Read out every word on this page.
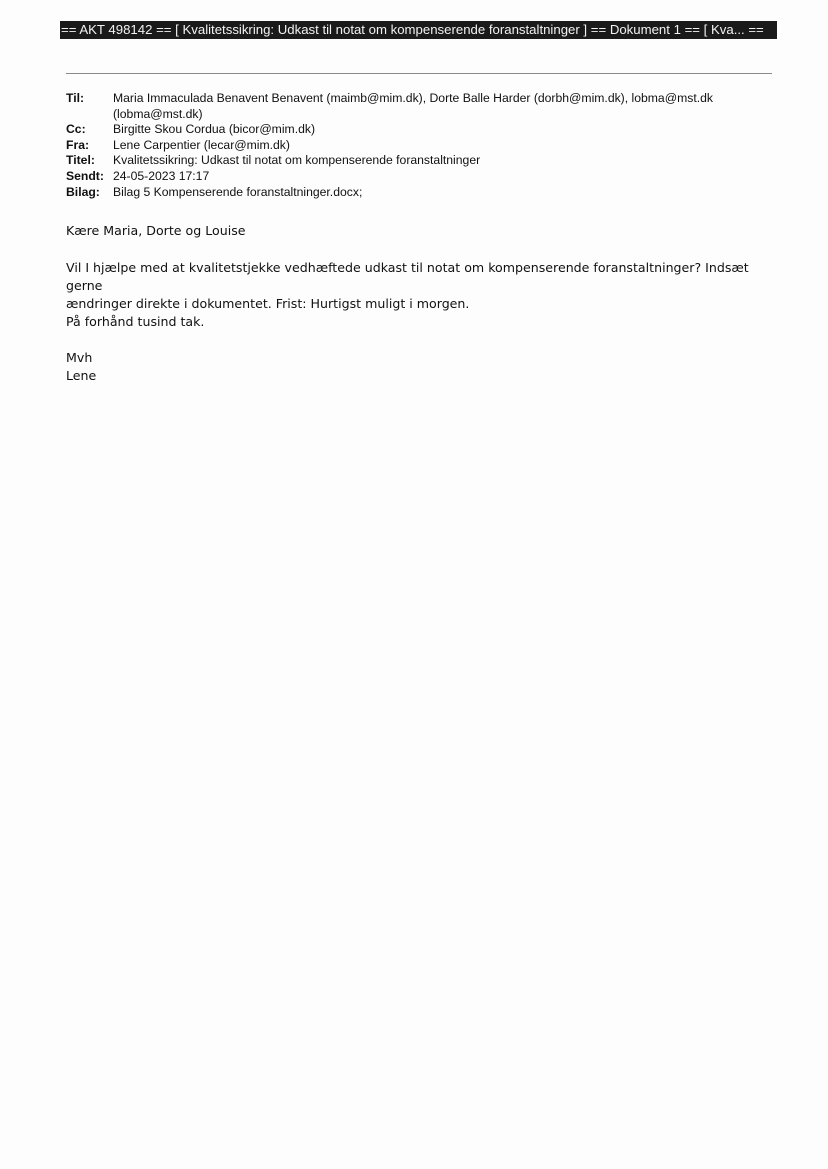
== AKT 498142 == [ Kvalitetssikring: Udkast til notat om kompenserende foranstaltninger ] == Dokument 1 == [ Kva... ==
Til:	Maria Immaculada Benavent Benavent (maimb@mim.dk), Dorte Balle Harder (dorbh@mim.dk), lobma@mst.dk
(lobma@mst.dk)
Cc:	Birgitte Skou Cordua (bicor@mim.dk)
Fra:	Lene Carpentier (lecar@mim.dk)
Titel:	Kvalitetssikring: Udkast til notat om kompenserende foranstaltninger
Sendt: 24-05-2023 17:17
Bilag:	Bilag 5 Kompenserende foranstaltninger.docx;
Kære Maria, Dorte og Louise
Vil I hjælpe med at kvalitetstjekke vedhæftede udkast til notat om kompenserende foranstaltninger? Indsæt gerne
ændringer direkte i dokumentet. Frist: Hurtigst muligt i morgen.
På forhånd tusind tak.
Mvh
Lene
